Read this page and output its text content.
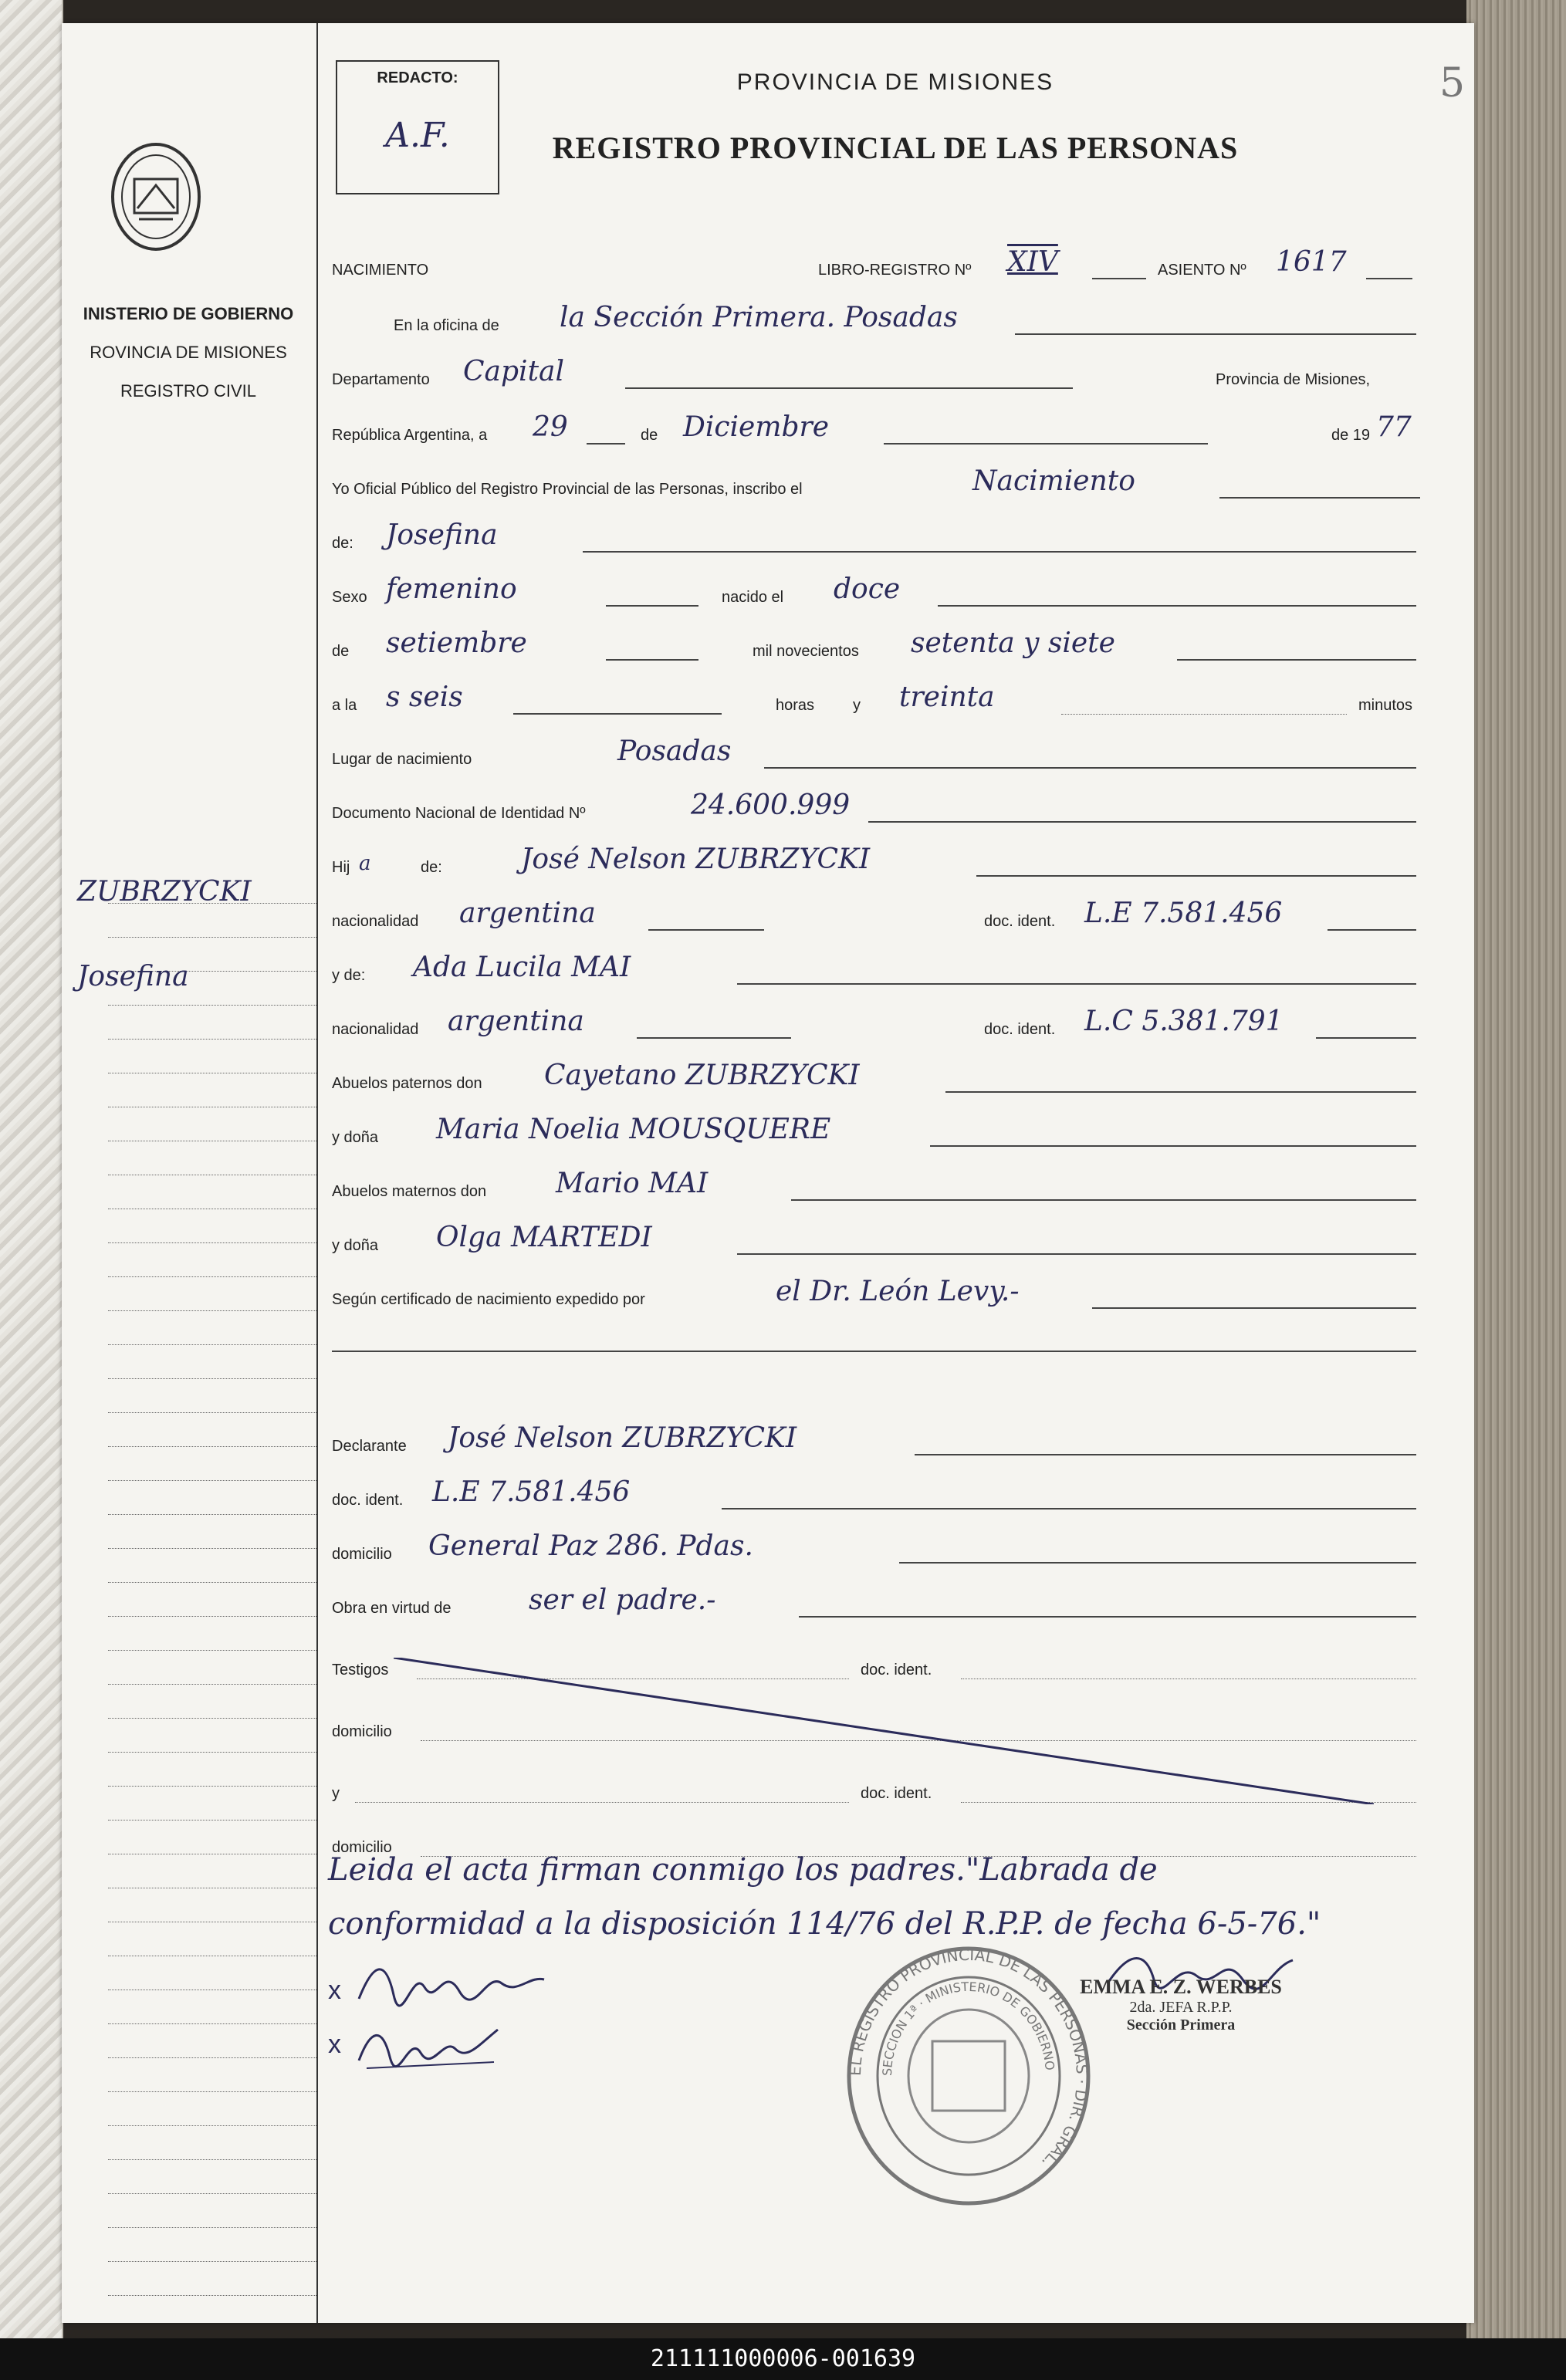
INISTERIO DE GOBIERNO
ROVINCIA DE MISIONES
REGISTRO CIVIL
ZUBRZYCKI
Josefina
REDACTO:
A.F.
PROVINCIA DE MISIONES
REGISTRO PROVINCIAL DE LAS PERSONAS
5
NACIMIENTO	LIBRO-REGISTRO Nº XIV	ASIENTO Nº 1617
En la oficina de la Sección Primera. Posadas
Departamento Capital	Provincia de Misiones,
República Argentina, a 29	de Diciembre	de 19 77
Yo Oficial Público del Registro Provincial de las Personas, inscribo el	Nacimiento
de: Josefina
Sexo femenino	nacido el doce
de setiembre	mil novecientos setenta y siete
a la s seis	horas y treinta	minutos
Lugar de nacimiento	Posadas
Documento Nacional de Identidad Nº	24.600.999
Hij a	de:	José Nelson ZUBRZYCKI
nacionalidad argentina	doc. ident. L.E 7.581.456
y de: Ada Lucila MAI
nacionalidad argentina	doc. ident. L.C 5.381.791
Abuelos paternos don Cayetano ZUBRZYCKI
y doña Maria Noelia MOUSQUERE
Abuelos maternos don Mario MAI
y doña Olga MARTEDI
Según certificado de nacimiento expedido por	el Dr. León Levy.-
Declarante José Nelson ZUBRZYCKI
doc. ident. L.E 7.581.456
domicilio General Paz 286. Pdas.
Obra en virtud de	ser el padre.-
Testigos	doc. ident.
domicilio
y	doc. ident.
domicilio
Leida el acta firman conmigo los padres."Labrada de
conformidad a la disposición 114/76 del R.P.P. de fecha 6-5-76."
x
x
EL REGISTRO PROVINCIAL DE LAS PERSONAS · DIR. GRAL.
SECCION 1ª · MINISTERIO DE GOBIERNO
EMMA E. Z. WERBES
2da. JEFA R.P.P.
Sección Primera
211111000006-001639
